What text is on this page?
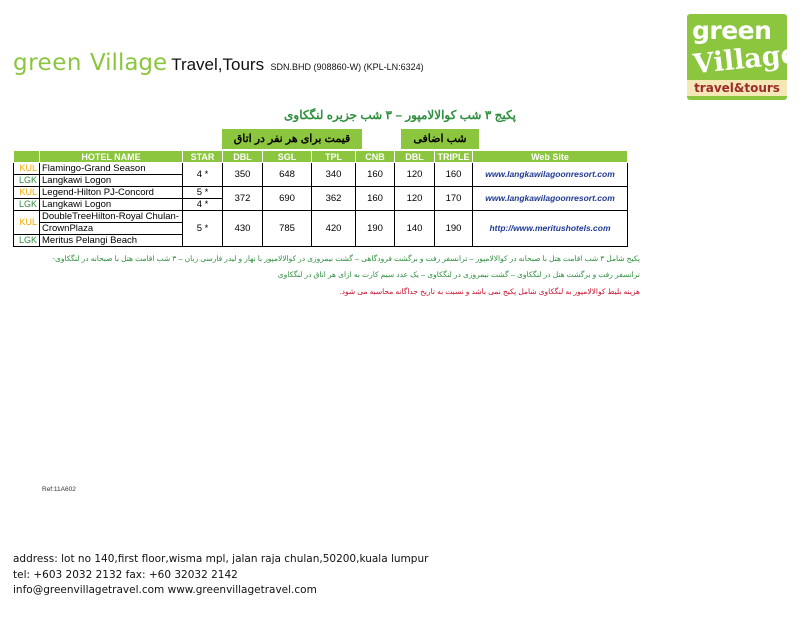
green Village Travel,Tours SDN.BHD (908860-W) (KPL-LN:6324)
green
Village
travel&tours
پکیج ۳ شب کوالالامپور – ۳ شب جزیره لنگکاوی
قیمت برای هر نفر در اتاق	شب اضافی
	HOTEL NAME	STAR	DBL	SGL	TPL	CNB	DBL	TRIPLE	Web Site
KUL	Flamingo-Grand Season	4 *	350	648	340	160	120	160	www.langkawilagoonresort.com
LGK	Langkawi Logon								
KUL	Legend-Hilton PJ-Concord	5 *	372	690	362	160	120	170	www.langkawilagoonresort.com
LGK	Langkawi Logon	4 *							
KUL	DoubleTreeHilton-Royal Chulan-	5 *	430	785	420	190	140	190	http://www.meritushotels.com
	CrownPlaza								
LGK	Meritus Pelangi Beach								
پکیج شامل ۳ شب اقامت هتل با صبحانه در کوالالامپور – ترانسفر رفت و برگشت فرودگاهی – گشت نیمروزی در کوالالامپور با نهار و لیدر فارسی زبان – ۳ شب اقامت هتل با صبحانه در لنگکاوی-
ترانسفر رفت و برگشت هتل در لنگکاوی – گشت نیمروزی در لنگکاوی – یک عدد سیم کارت به ازای هر اتاق در لنگکاوی
هزینه بلیط کوالالامپور به لنگکاوی شامل پکیج نمی باشد و نسبت به تاریخ جداگانه محاسبه می شود.
Ref:11A602
address: lot no 140,first floor,wisma mpl, jalan raja chulan,50200,kuala lumpur
tel: +603 2032 2132 fax: +60 32032 2142
info@greenvillagetravel.com www.greenvillagetravel.com
